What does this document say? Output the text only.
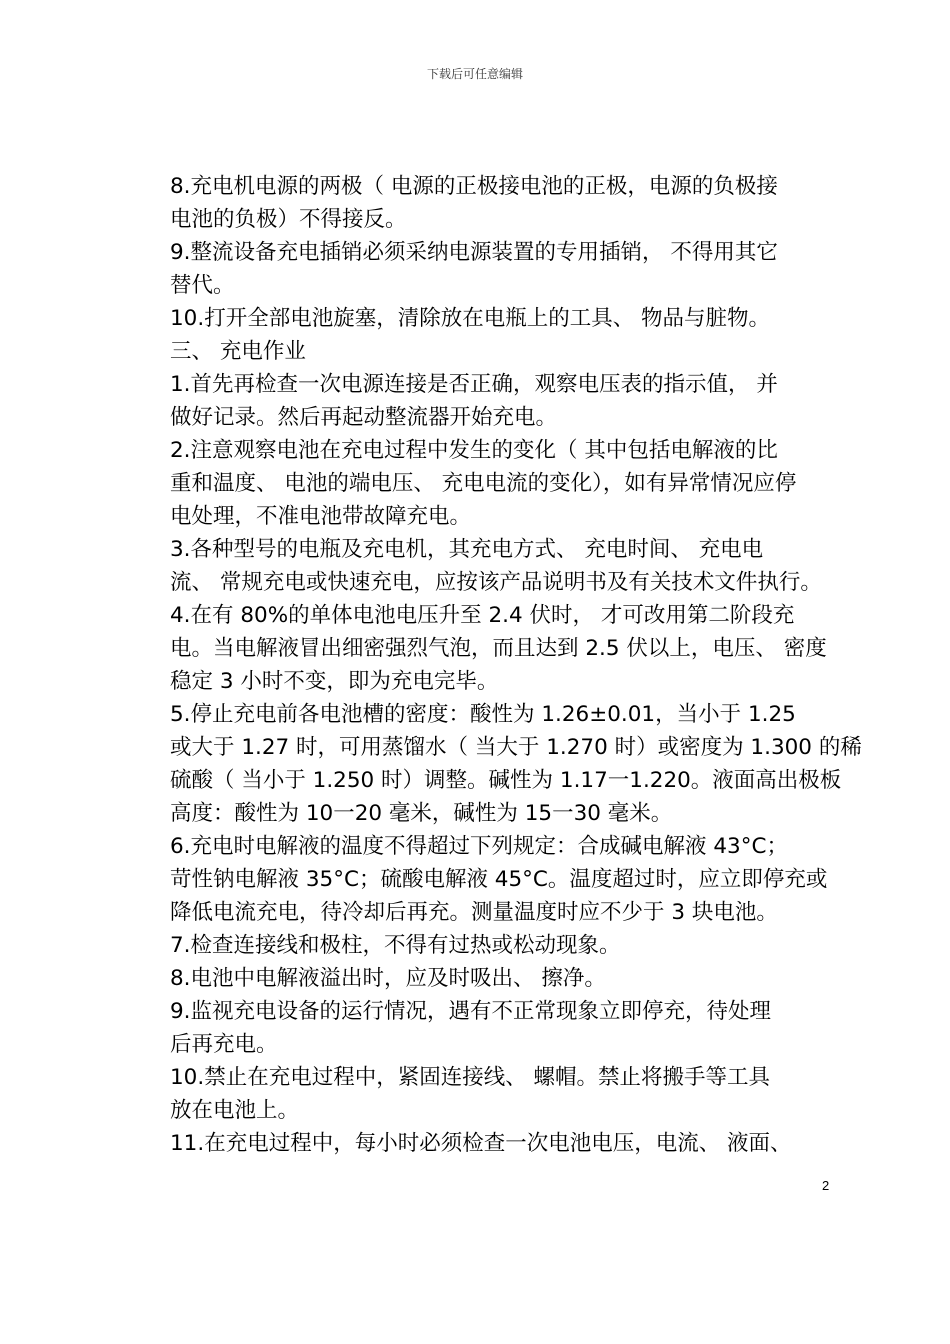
下载后可任意编辑

8.充电机电源的两极（ 电源的正极接电池的正极，电源的负极接
电池的负极）不得接反。

9.整流设备充电插销必须采纳电源装置的专用插销， 不得用其它
替代。

10.打开全部电池旋塞，清除放在电瓶上的工具、 物品与脏物。

三、 充电作业

1.首先再检查一次电源连接是否正确，观察电压表的指示值， 并
做好记录。然后再起动整流器开始充电。

2.注意观察电池在充电过程中发生的变化（ 其中包括电解液的比
重和温度、 电池的端电压、 充电电流的变化），如有异常情况应停
电处理，不准电池带故障充电。

3.各种型号的电瓶及充电机，其充电方式、 充电时间、 充电电
流、 常规充电或快速充电，应按该产品说明书及有关技术文件执行。

4.在有 80%的单体电池电压升至 2.4 伏时， 才可改用第二阶段充
电。当电解液冒出细密强烈气泡，而且达到 2.5 伏以上，电压、 密度
稳定 3 小时不变，即为充电完毕。

5.停止充电前各电池槽的密度：酸性为 1.26±0.01，当小于 1.25
或大于 1.27 时，可用蒸馏水（ 当大于 1.270 时）或密度为 1.300 的稀
硫酸（ 当小于 1.250 时）调整。碱性为 1.17一1.220。液面高出极板
高度：酸性为 10一20 毫米，碱性为 15一30 毫米。

6.充电时电解液的温度不得超过下列规定：合成碱电解液 43°C；
苛性钠电解液 35°C；硫酸电解液 45°C。温度超过时，应立即停充或
降低电流充电，待冷却后再充。测量温度时应不少于 3 块电池。

7.检查连接线和极柱，不得有过热或松动现象。

8.电池中电解液溢出时，应及时吸出、 擦净。

9.监视充电设备的运行情况，遇有不正常现象立即停充，待处理
后再充电。

10.禁止在充电过程中，紧固连接线、 螺帽。禁止将搬手等工具
放在电池上。

11.在充电过程中，每小时必须检查一次电池电压，电流、 液面、

2
